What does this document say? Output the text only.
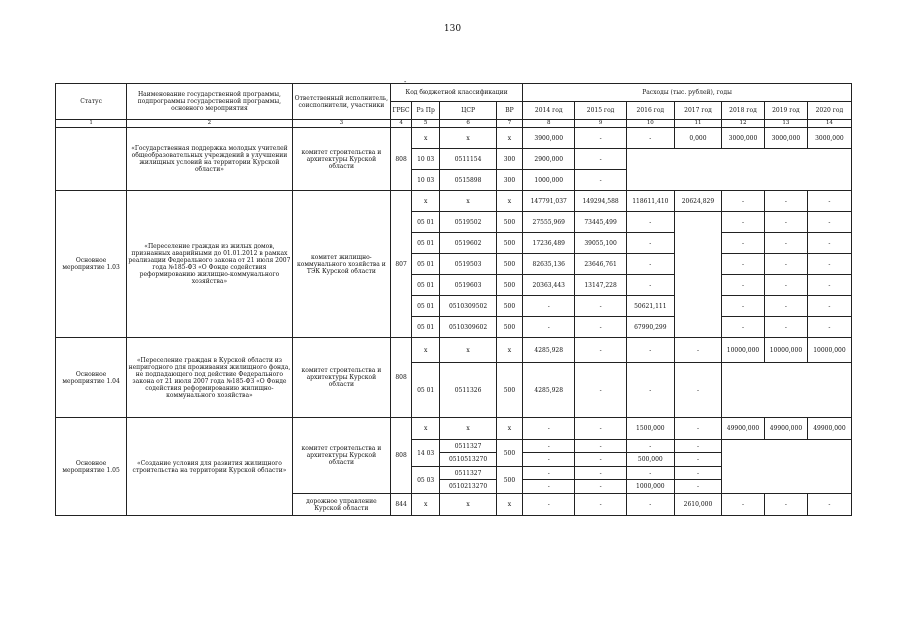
130
-
Статус	Наименование государственной программы, подпрограммы государственной программы, основного мероприятия	Ответственный исполнитель, соисполнители, участники	Код бюджетной классификации				Расходы (тыс. рублей), годы						
			ГРБС	Рз Пр	ЦСР	ВР	2014 год	2015 год	2016 год	2017 год	2018 год	2019 год	2020 год
1	2	3	4	5	6	7	8	9	10	11	12	13	14
	«Государственная поддержка молодых учителей общеобразовательных учреждений в улучшении жилищных условий на территории Курской области»	комитет строительства и архитектуры Курской области	808	x	x	x	3900,000	-	-	0,000	3000,000	3000,000	3000,000
				10 03	0511154	300	2900,000	-					
				10 03	0515898	300	1000,000	-					
Основное мероприятие 1.03	«Переселение граждан из жилых домов, признанных аварийными до 01.01.2012 в рамках реализации Федерального закона от 21 июля 2007 года №185-ФЗ «О Фонде содействия реформированию жилищно-коммунального хозяйства»	комитет жилищно-коммунального хозяйства и ТЭК Курской области	807	x	x	x	147791,037	149294,588	118611,410	20624,829	-	-	-
				05 01	0519502	500	27555,969	73445,499	-		-	-	-
				05 01	0519602	500	17236,489	39055,100	-		-	-	-
				05 01	0519503	500	82635,136	23646,761	-		-	-	-
				05 01	0519603	500	20363,443	13147,228	-		-	-	-
				05 01	0510309502	500	-	-	50621,111		-	-	-
				05 01	0510309602	500	-	-	67990,299		-	-	-
Основное мероприятие 1.04	«Переселение граждан в Курской области из непригодного для проживания жилищного фонда, не подпадающего под действие Федерального закона от 21 июля 2007 года №185-ФЗ «О Фонде содействия реформированию жилищно-коммунального хозяйства»	комитет строительства и архитектуры Курской области	808	x	x	x	4285,928	-	-	-	10000,000	10000,000	10000,000
				05 01	0511326	500	4285,928	-	-	-			
Основное мероприятие 1.05	«Создание условия для развития жилищного строительства на территории Курской области»	комитет строительства и архитектуры Курской области	808	x	x	x	-	-	1500,000	-	49900,000	49900,000	49900,000
				14 03	0511327	500	-	-	-	-			
					0510513270		-	-	500,000	-			
				05 03	0511327	500	-	-	-	-			
					0510213270		-	-	1000,000	-			
		дорожное управление Курской области	844	x	x	x	-	-	-	2610,000	-	-	-
